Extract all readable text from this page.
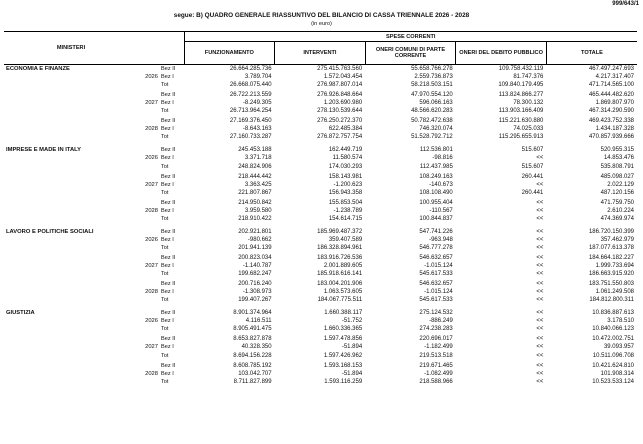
999/643/1
segue: B) QUADRO GENERALE RIASSUNTIVO DEL BILANCIO DI CASSA TRIENNALE 2026 - 2028
(in euro)
MINISTERI			SPESE CORRENTI				
			FUNZIONAMENTO	INTERVENTI	ONERI COMUNI DI PARTE CORRENTE	ONERI DEL DEBITO PUBBLICO	TOTALE
ECONOMIA E FINANZE		Bez II	26.664.285.736	275.415.763.560	55.658.766.278	109.758.432.119	467.497.247.693
	2026	Bez I	3.789.704	1.572.043.454	2.559.736.873	81.747.376	4.217.317.407
		Tot	26.668.075.440	276.987.807.014	58.218.503.151	109.840.179.495	471.714.565.100

		Bez II	26.722.213.559	276.926.848.664	47.970.554.120	113.824.866.277	465.444.482.620
	2027	Bez I	-8.249.305	1.203.690.980	596.066.163	78.300.132	1.869.807.970
		Tot	26.713.964.254	278.130.539.644	48.566.620.283	113.903.166.409	467.314.290.590

		Bez II	27.169.376.450	276.250.272.370	50.782.472.638	115.221.630.880	469.423.752.338
	2028	Bez I	-8.643.163	622.485.384	746.320.074	74.025.033	1.434.187.328
		Tot	27.160.733.287	276.872.757.754	51.528.792.712	115.295.655.913	470.857.939.666

IMPRESE E MADE IN ITALY		Bez II	245.453.188	162.449.719	112.536.801	515.607	520.955.315
	2026	Bez I	3.371.718	11.580.574	-98.816	<<	14.853.476
		Tot	248.824.906	174.030.293	112.437.985	515.607	535.808.791

		Bez II	218.444.442	158.143.981	108.249.163	260.441	485.098.027
	2027	Bez I	3.363.425	-1.200.623	-140.673	<<	2.022.129
		Tot	221.807.867	156.943.358	108.108.490	260.441	487.120.156

		Bez II	214.950.842	155.853.504	100.955.404	<<	471.759.750
	2028	Bez I	3.959.580	-1.238.789	-110.567	<<	2.610.224
		Tot	218.910.422	154.614.715	100.844.837	<<	474.369.974

LAVORO E POLITICHE SOCIALI		Bez II	202.921.801	185.969.487.372	547.741.226	<<	186.720.150.399
	2026	Bez I	-980.662	359.407.589	-963.948	<<	357.462.979
		Tot	201.941.139	186.328.894.961	546.777.278	<<	187.077.613.378

		Bez II	200.823.034	183.916.726.536	546.632.657	<<	184.664.182.227
	2027	Bez I	-1.140.787	2.001.889.605	-1.015.124	<<	1.999.733.694
		Tot	199.682.247	185.918.616.141	545.617.533	<<	186.663.915.920

		Bez II	200.716.240	183.004.201.906	546.632.657	<<	183.751.550.803
	2028	Bez I	-1.308.973	1.063.573.605	-1.015.124	<<	1.061.249.508
		Tot	199.407.267	184.067.775.511	545.617.533	<<	184.812.800.311

GIUSTIZIA		Bez II	8.901.374.964	1.660.388.117	275.124.532	<<	10.836.887.613
	2026	Bez I	4.116.511	-51.752	-886.249	<<	3.178.510
		Tot	8.905.491.475	1.660.336.365	274.238.283	<<	10.840.066.123

		Bez II	8.653.827.878	1.597.478.856	220.696.017	<<	10.472.002.751
	2027	Bez I	40.328.350	-51.894	-1.182.499	<<	39.093.957
		Tot	8.694.156.228	1.597.426.962	219.513.518	<<	10.511.096.708

		Bez II	8.608.785.192	1.593.168.153	219.671.465	<<	10.421.624.810
	2028	Bez I	103.042.707	-51.894	-1.082.499	<<	101.908.314
		Tot	8.711.827.899	1.593.116.259	218.588.966	<<	10.523.533.124
